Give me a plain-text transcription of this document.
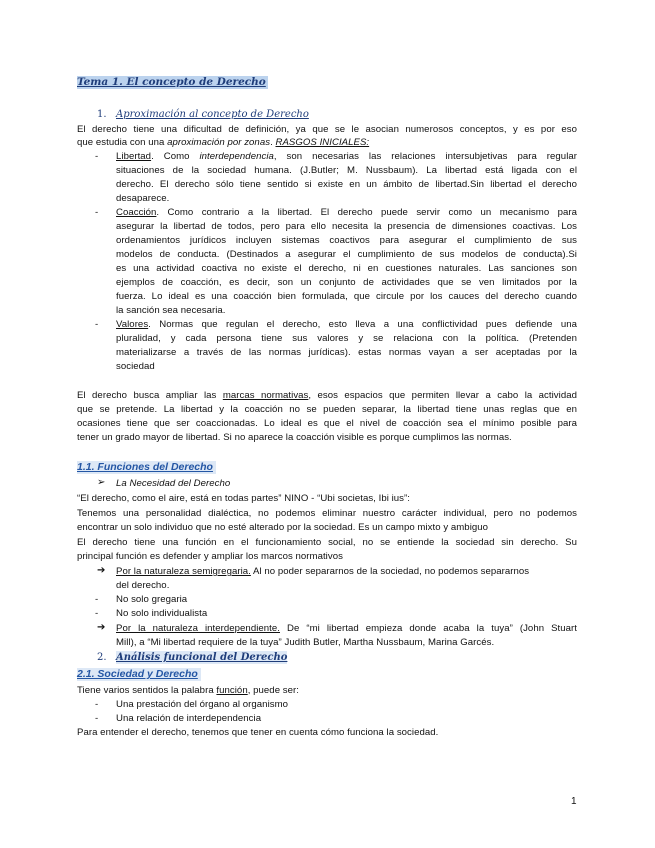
Tema 1. El concepto de Derecho
1. Aproximación al concepto de Derecho
El derecho tiene una dificultad de definición, ya que se le asocian numerosos conceptos, y es por eso
que estudia con una aproximación por zonas. RASGOS INICIALES:
- Libertad. Como interdependencia, son necesarias las relaciones intersubjetivas para regular
situaciones de la sociedad humana. (J.Butler; M. Nussbaum). La libertad está ligada con el
derecho. El derecho sólo tiene sentido si existe en un ámbito de libertad.Sin libertad el derecho
desaparece.
- Coacción. Como contrario a la libertad. El derecho puede servir como un mecanismo para
asegurar la libertad de todos, pero para ello necesita la presencia de dimensiones coactivas. Los
ordenamientos jurídicos incluyen sistemas coactivos para asegurar el cumplimiento de sus
modelos de conducta. (Destinados a asegurar el cumplimiento de sus modelos de conducta).Si
es una actividad coactiva no existe el derecho, ni en cuestiones naturales. Las sanciones son
ejemplos de coacción, es decir, son un conjunto de actividades que se ven limitados por la
fuerza. Lo ideal es una coacción bien formulada, que circule por los cauces del derecho cuando
la sanción sea necesaria.
- Valores. Normas que regulan el derecho, esto lleva a una conflictividad pues defiende una
pluralidad, y cada persona tiene sus valores y se relaciona con la política. (Pretenden
materializarse a través de las normas jurídicas). estas normas vayan a ser aceptadas por la
sociedad
El derecho busca ampliar las marcas normativas, esos espacios que permiten llevar a cabo la actividad
que se pretende. La libertad y la coacción no se pueden separar, la libertad tiene unas reglas que en
ocasiones tiene que ser coaccionadas. Lo ideal es que el nivel de coacción sea el mínimo posible para
tener un grado mayor de libertad. Si no aparece la coacción visible es porque cumplimos las normas.
1.1. Funciones del Derecho
➢ La Necesidad del Derecho
“El derecho, como el aire, está en todas partes” NINO - “Ubi societas, Ibi ius”:
Tenemos una personalidad dialéctica, no podemos eliminar nuestro carácter individual, pero no podemos
encontrar un solo individuo que no esté alterado por la sociedad. Es un campo mixto y ambiguo
El derecho tiene una función en el funcionamiento social, no se entiende la sociedad sin derecho. Su
principal función es defender y ampliar los marcos normativos
➔ Por la naturaleza semigregaria. Al no poder separarnos de la sociedad, no podemos separarnos
del derecho.
- No solo gregaria
- No solo individualista
➔ Por la naturaleza interdependiente. De “mi libertad empieza donde acaba la tuya” (John Stuart
Mill), a “Mi libertad requiere de la tuya” Judith Butler, Martha Nussbaum, Marina Garcés.
2. Análisis funcional del Derecho
2.1. Sociedad y Derecho
Tiene varios sentidos la palabra función, puede ser:
- Una prestación del órgano al organismo
- Una relación de interdependencia
Para entender el derecho, tenemos que tener en cuenta cómo funciona la sociedad.
1
